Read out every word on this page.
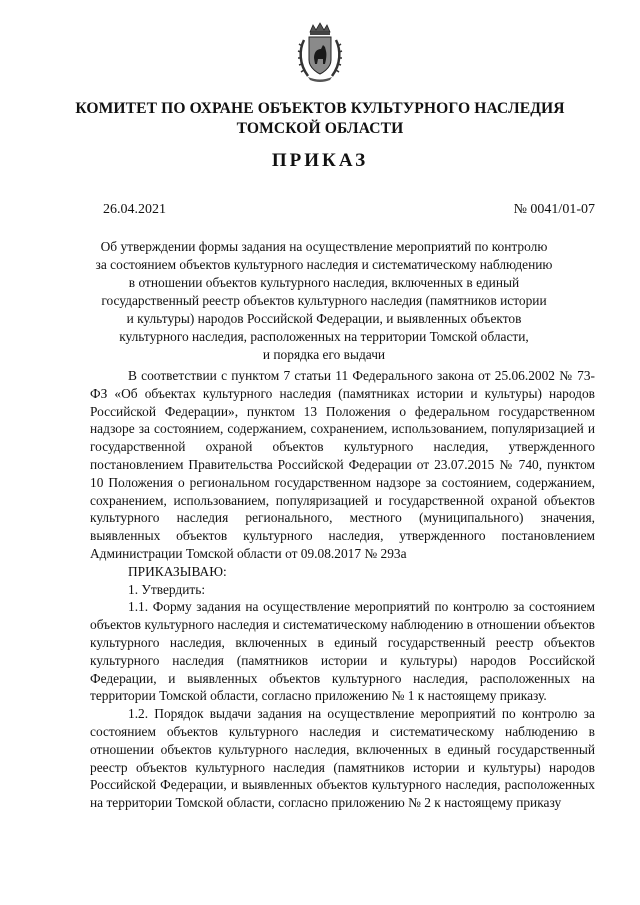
КОМИТЕТ ПО ОХРАНЕ ОБЪЕКТОВ КУЛЬТУРНОГО НАСЛЕДИЯ
ТОМСКОЙ ОБЛАСТИ
ПРИКАЗ
26.04.2021	№ 0041/01-07
Об утверждении формы задания на осуществление мероприятий по контролю
за состоянием объектов культурного наследия и систематическому наблюдению
в отношении объектов культурного наследия, включенных в единый
государственный реестр объектов культурного наследия (памятников истории
и культуры) народов Российской Федерации, и выявленных объектов
культурного наследия, расположенных на территории Томской области,
и порядка его выдачи

В соответствии с пунктом 7 статьи 11 Федерального закона от 25.06.2002 № 73-ФЗ «Об объектах культурного наследия (памятниках истории и культуры) народов Российской Федерации», пунктом 13 Положения о федеральном государственном надзоре за состоянием, содержанием, сохранением, использованием, популяризацией и государственной охраной объектов культурного наследия, утвержденного постановлением Правительства Российской Федерации от 23.07.2015 № 740, пунктом 10 Положения о региональном государственном надзоре за состоянием, содержанием, сохранением, использованием, популяризацией и государственной охраной объектов культурного наследия регионального, местного (муниципального) значения, выявленных объектов культурного наследия, утвержденного постановлением Администрации Томской области от 09.08.2017 № 293а

ПРИКАЗЫВАЮ:

1. Утвердить:

1.1. Форму задания на осуществление мероприятий по контролю за состоянием объектов культурного наследия и систематическому наблюдению в отношении объектов культурного наследия, включенных в единый государственный реестр объектов культурного наследия (памятников истории и культуры) народов Российской Федерации, и выявленных объектов культурного наследия, расположенных на территории Томской области, согласно приложению № 1 к настоящему приказу.

1.2. Порядок выдачи задания на осуществление мероприятий по контролю за состоянием объектов культурного наследия и систематическому наблюдению в отношении объектов культурного наследия, включенных в единый государственный реестр объектов культурного наследия (памятников истории и культуры) народов Российской Федерации, и выявленных объектов культурного наследия, расположенных на территории Томской области, согласно приложению № 2 к настоящему приказу
